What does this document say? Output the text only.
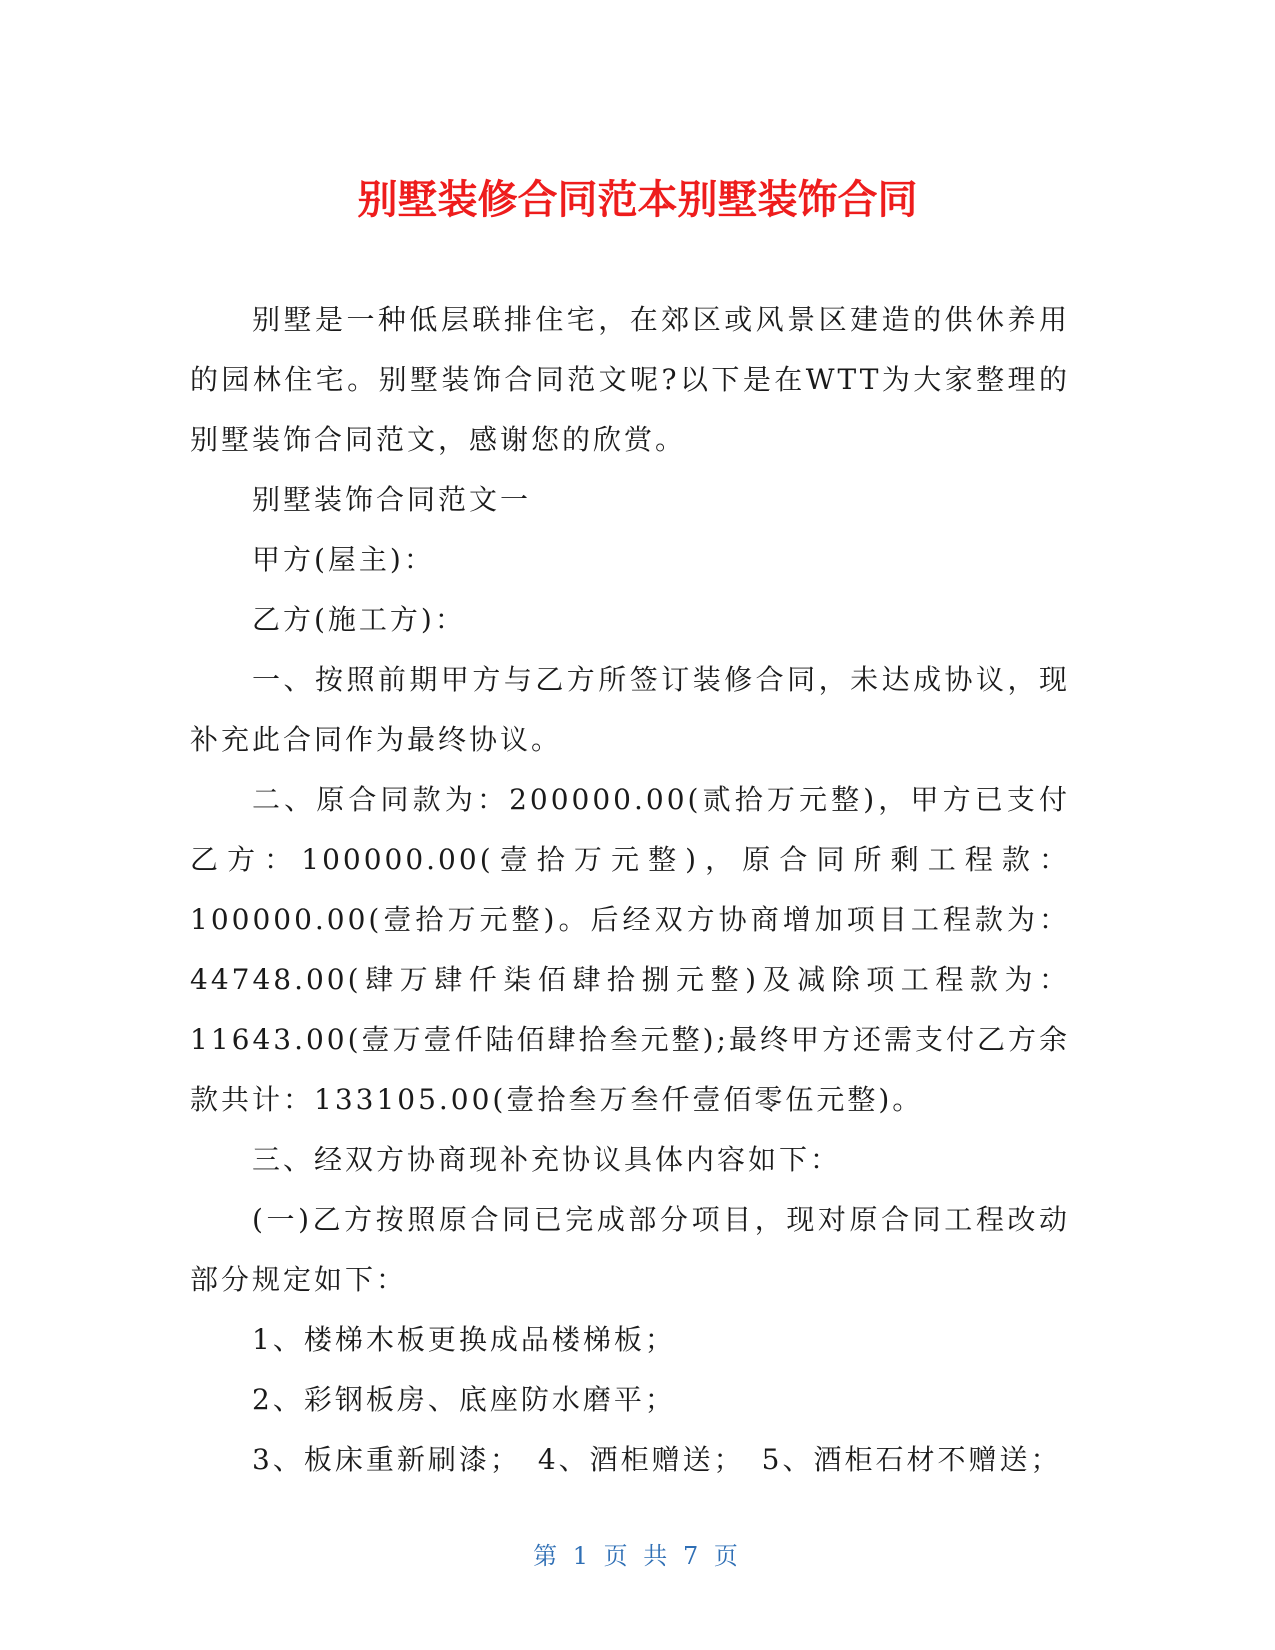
别墅装修合同范本别墅装饰合同

别墅是一种低层联排住宅，在郊区或风景区建造的供休养用的园林住宅。别墅装饰合同范文呢?以下是在WTT为大家整理的别墅装饰合同范文，感谢您的欣赏。

别墅装饰合同范文一

甲方(屋主)：

乙方(施工方)：

一、按照前期甲方与乙方所签订装修合同，未达成协议，现补充此合同作为最终协议。

二、原合同款为：200000.00(贰拾万元整)，甲方已支付乙方：100000.00(壹拾万元整)，原合同所剩工程款：100000.00(壹拾万元整)。后经双方协商增加项目工程款为：44748.00(肆万肆仟柒佰肆拾捌元整)及减除项工程款为：11643.00(壹万壹仟陆佰肆拾叁元整);最终甲方还需支付乙方余款共计：133105.00(壹拾叁万叁仟壹佰零伍元整)。

三、经双方协商现补充协议具体内容如下：

(一)乙方按照原合同已完成部分项目，现对原合同工程改动部分规定如下：

1、楼梯木板更换成品楼梯板；

2、彩钢板房、底座防水磨平；

3、板床重新刷漆；　4、酒柜赠送；　5、酒柜石材不赠送；

第 1 页 共 7 页
